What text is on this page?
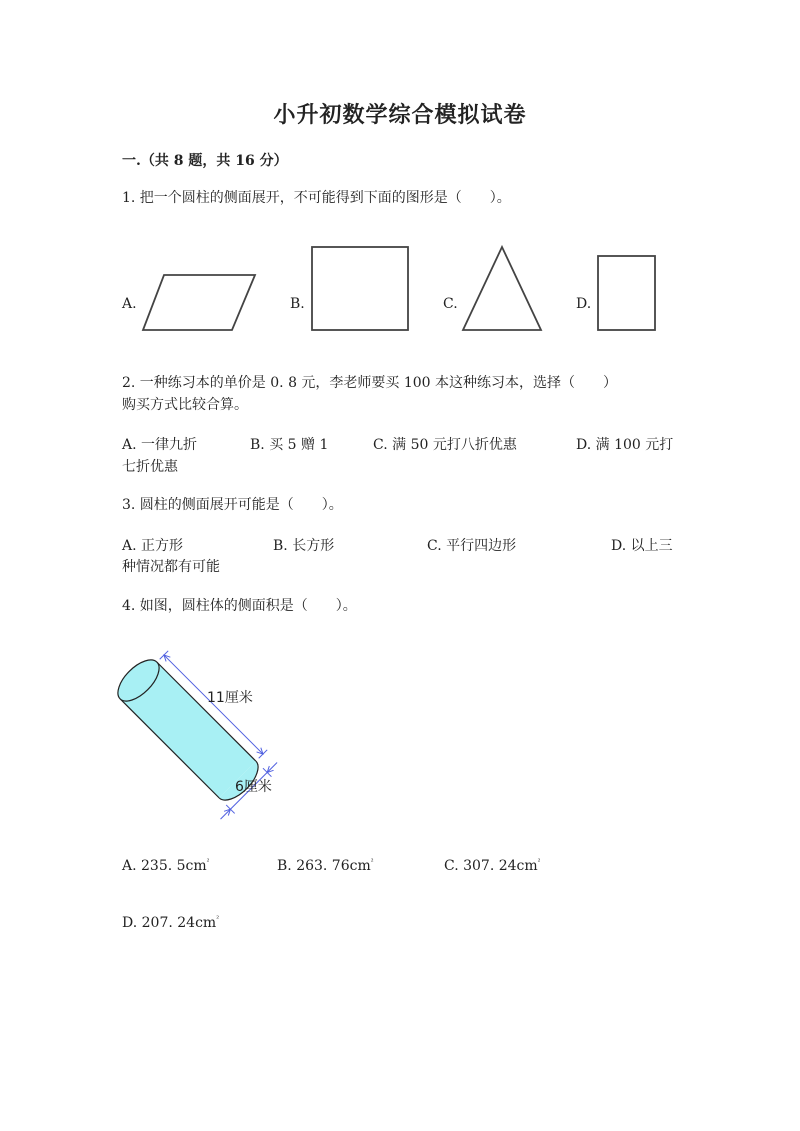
小升初数学综合模拟试卷
一.（共 8 题，共 16 分）
1. 把一个圆柱的侧面展开，不可能得到下面的图形是（　　）。
A.	B.	C.	D.
2. 一种练习本的单价是 0. 8 元，李老师要买 100 本这种练习本，选择（　　）
购买方式比较合算。
A. 一律九折	B. 买 5 赠 1	C. 满 50 元打八折优惠	D. 满 100 元打
七折优惠
3. 圆柱的侧面展开可能是（　　）。
A. 正方形	B. 长方形	C. 平行四边形	D. 以上三
种情况都有可能
4. 如图，圆柱体的侧面积是（　　）。
11厘米
6厘米
A. 235. $5cm^{^2}$	B. 263. $76cm^{^2}$	C. 307. $24cm^{^2}$
D. 207. $24cm^{^2}$
